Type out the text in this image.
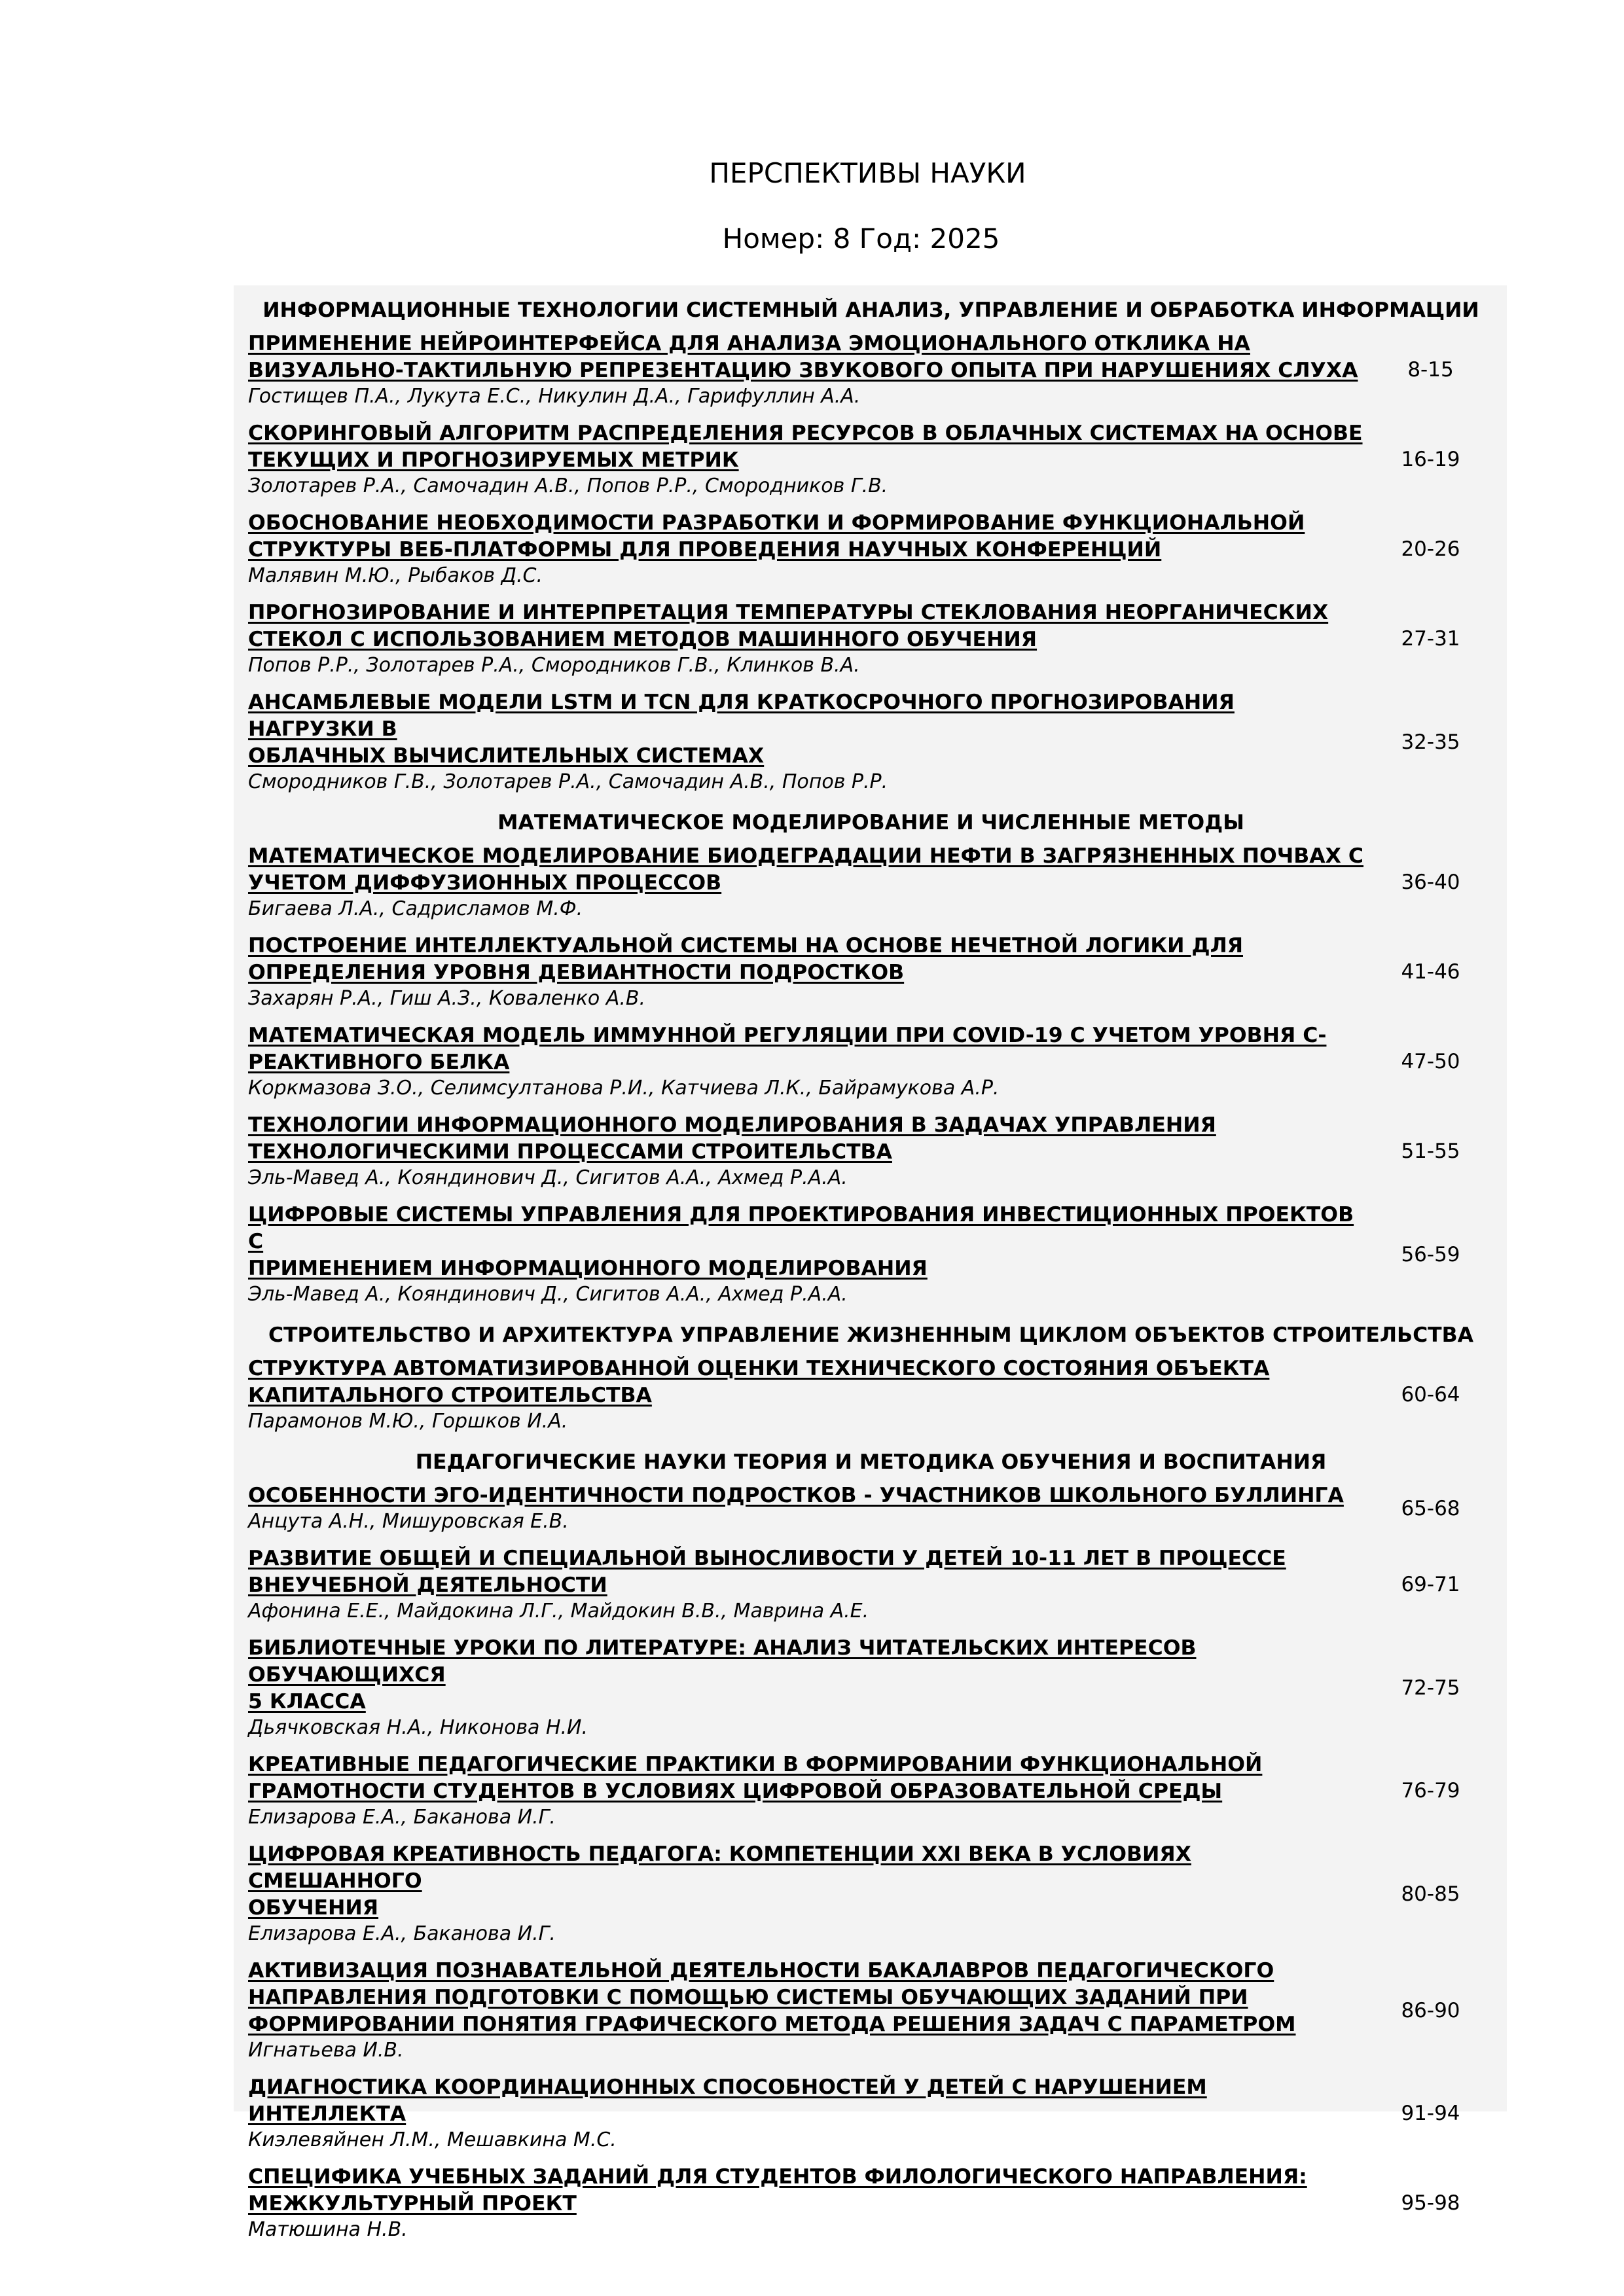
ПЕРСПЕКТИВЫ НАУКИ
Номер: 8 Год: 2025
ИНФОРМАЦИОННЫЕ ТЕХНОЛОГИИ СИСТЕМНЫЙ АНАЛИЗ, УПРАВЛЕНИЕ И ОБРАБОТКА ИНФОРМАЦИИ
ПРИМЕНЕНИЕ НЕЙРОИНТЕРФЕЙСА ДЛЯ АНАЛИЗА ЭМОЦИОНАЛЬНОГО ОТКЛИКА НА
ВИЗУАЛЬНО-ТАКТИЛЬНУЮ РЕПРЕЗЕНТАЦИЮ ЗВУКОВОГО ОПЫТА ПРИ НАРУШЕНИЯХ СЛУХА
Гостищев П.А., Лукута Е.С., Никулин Д.А., Гарифуллин А.А.
8-15
СКОРИНГОВЫЙ АЛГОРИТМ РАСПРЕДЕЛЕНИЯ РЕСУРСОВ В ОБЛАЧНЫХ СИСТЕМАХ НА ОСНОВЕ
ТЕКУЩИХ И ПРОГНОЗИРУЕМЫХ МЕТРИК
Золотарев Р.А., Самочадин А.В., Попов Р.Р., Смородников Г.В.
16-19
ОБОСНОВАНИЕ НЕОБХОДИМОСТИ РАЗРАБОТКИ И ФОРМИРОВАНИЕ ФУНКЦИОНАЛЬНОЙ
СТРУКТУРЫ ВЕБ-ПЛАТФОРМЫ ДЛЯ ПРОВЕДЕНИЯ НАУЧНЫХ КОНФЕРЕНЦИЙ
Малявин М.Ю., Рыбаков Д.С.
20-26
ПРОГНОЗИРОВАНИЕ И ИНТЕРПРЕТАЦИЯ ТЕМПЕРАТУРЫ СТЕКЛОВАНИЯ НЕОРГАНИЧЕСКИХ
СТЕКОЛ С ИСПОЛЬЗОВАНИЕМ МЕТОДОВ МАШИННОГО ОБУЧЕНИЯ
Попов Р.Р., Золотарев Р.А., Смородников Г.В., Клинков В.А.
27-31
АНСАМБЛЕВЫЕ МОДЕЛИ LSTM И TCN ДЛЯ КРАТКОСРОЧНОГО ПРОГНОЗИРОВАНИЯ НАГРУЗКИ В
ОБЛАЧНЫХ ВЫЧИСЛИТЕЛЬНЫХ СИСТЕМАХ
Смородников Г.В., Золотарев Р.А., Самочадин А.В., Попов Р.Р.
32-35
МАТЕМАТИЧЕСКОЕ МОДЕЛИРОВАНИЕ И ЧИСЛЕННЫЕ МЕТОДЫ
МАТЕМАТИЧЕСКОЕ МОДЕЛИРОВАНИЕ БИОДЕГРАДАЦИИ НЕФТИ В ЗАГРЯЗНЕННЫХ ПОЧВАХ С
УЧЕТОМ ДИФФУЗИОННЫХ ПРОЦЕССОВ
Бигаева Л.А., Садрисламов М.Ф.
36-40
ПОСТРОЕНИЕ ИНТЕЛЛЕКТУАЛЬНОЙ СИСТЕМЫ НА ОСНОВЕ НЕЧЕТНОЙ ЛОГИКИ ДЛЯ
ОПРЕДЕЛЕНИЯ УРОВНЯ ДЕВИАНТНОСТИ ПОДРОСТКОВ
Захарян Р.А., Гиш А.З., Коваленко А.В.
41-46
МАТЕМАТИЧЕСКАЯ МОДЕЛЬ ИММУННОЙ РЕГУЛЯЦИИ ПРИ COVID-19 С УЧЕТОМ УРОВНЯ С-
РЕАКТИВНОГО БЕЛКА
Коркмазова З.О., Селимсултанова Р.И., Катчиева Л.К., Байрамукова А.Р.
47-50
ТЕХНОЛОГИИ ИНФОРМАЦИОННОГО МОДЕЛИРОВАНИЯ В ЗАДАЧАХ УПРАВЛЕНИЯ
ТЕХНОЛОГИЧЕСКИМИ ПРОЦЕССАМИ СТРОИТЕЛЬСТВА
Эль-Мавед А., Кояндинович Д., Сигитов А.А., Ахмед Р.А.А.
51-55
ЦИФРОВЫЕ СИСТЕМЫ УПРАВЛЕНИЯ ДЛЯ ПРОЕКТИРОВАНИЯ ИНВЕСТИЦИОННЫХ ПРОЕКТОВ С
ПРИМЕНЕНИЕМ ИНФОРМАЦИОННОГО МОДЕЛИРОВАНИЯ
Эль-Мавед А., Кояндинович Д., Сигитов А.А., Ахмед Р.А.А.
56-59
СТРОИТЕЛЬСТВО И АРХИТЕКТУРА УПРАВЛЕНИЕ ЖИЗНЕННЫМ ЦИКЛОМ ОБЪЕКТОВ СТРОИТЕЛЬСТВА
СТРУКТУРА АВТОМАТИЗИРОВАННОЙ ОЦЕНКИ ТЕХНИЧЕСКОГО СОСТОЯНИЯ ОБЪЕКТА
КАПИТАЛЬНОГО СТРОИТЕЛЬСТВА
Парамонов М.Ю., Горшков И.А.
60-64
ПЕДАГОГИЧЕСКИЕ НАУКИ ТЕОРИЯ И МЕТОДИКА ОБУЧЕНИЯ И ВОСПИТАНИЯ
ОСОБЕННОСТИ ЭГО-ИДЕНТИЧНОСТИ ПОДРОСТКОВ - УЧАСТНИКОВ ШКОЛЬНОГО БУЛЛИНГА
Анцута А.Н., Мишуровская Е.В.
65-68
РАЗВИТИЕ ОБЩЕЙ И СПЕЦИАЛЬНОЙ ВЫНОСЛИВОСТИ У ДЕТЕЙ 10-11 ЛЕТ В ПРОЦЕССЕ
ВНЕУЧЕБНОЙ ДЕЯТЕЛЬНОСТИ
Афонина Е.Е., Майдокина Л.Г., Майдокин В.В., Маврина А.Е.
69-71
БИБЛИОТЕЧНЫЕ УРОКИ ПО ЛИТЕРАТУРЕ: АНАЛИЗ ЧИТАТЕЛЬСКИХ ИНТЕРЕСОВ ОБУЧАЮЩИХСЯ
5 КЛАССА
Дьячковская Н.А., Никонова Н.И.
72-75
КРЕАТИВНЫЕ ПЕДАГОГИЧЕСКИЕ ПРАКТИКИ В ФОРМИРОВАНИИ ФУНКЦИОНАЛЬНОЙ
ГРАМОТНОСТИ СТУДЕНТОВ В УСЛОВИЯХ ЦИФРОВОЙ ОБРАЗОВАТЕЛЬНОЙ СРЕДЫ
Елизарова Е.А., Баканова И.Г.
76-79
ЦИФРОВАЯ КРЕАТИВНОСТЬ ПЕДАГОГА: КОМПЕТЕНЦИИ XXI ВЕКА В УСЛОВИЯХ СМЕШАННОГО
ОБУЧЕНИЯ
Елизарова Е.А., Баканова И.Г.
80-85
АКТИВИЗАЦИЯ ПОЗНАВАТЕЛЬНОЙ ДЕЯТЕЛЬНОСТИ БАКАЛАВРОВ ПЕДАГОГИЧЕСКОГО
НАПРАВЛЕНИЯ ПОДГОТОВКИ С ПОМОЩЬЮ СИСТЕМЫ ОБУЧАЮЩИХ ЗАДАНИЙ ПРИ
ФОРМИРОВАНИИ ПОНЯТИЯ ГРАФИЧЕСКОГО МЕТОДА РЕШЕНИЯ ЗАДАЧ С ПАРАМЕТРОМ
Игнатьева И.В.
86-90
ДИАГНОСТИКА КООРДИНАЦИОННЫХ СПОСОБНОСТЕЙ У ДЕТЕЙ С НАРУШЕНИЕМ ИНТЕЛЛЕКТА
Киэлевяйнен Л.М., Мешавкина М.С.
91-94
СПЕЦИФИКА УЧЕБНЫХ ЗАДАНИЙ ДЛЯ СТУДЕНТОВ ФИЛОЛОГИЧЕСКОГО НАПРАВЛЕНИЯ:
МЕЖКУЛЬТУРНЫЙ ПРОЕКТ
Матюшина Н.В.
95-98
